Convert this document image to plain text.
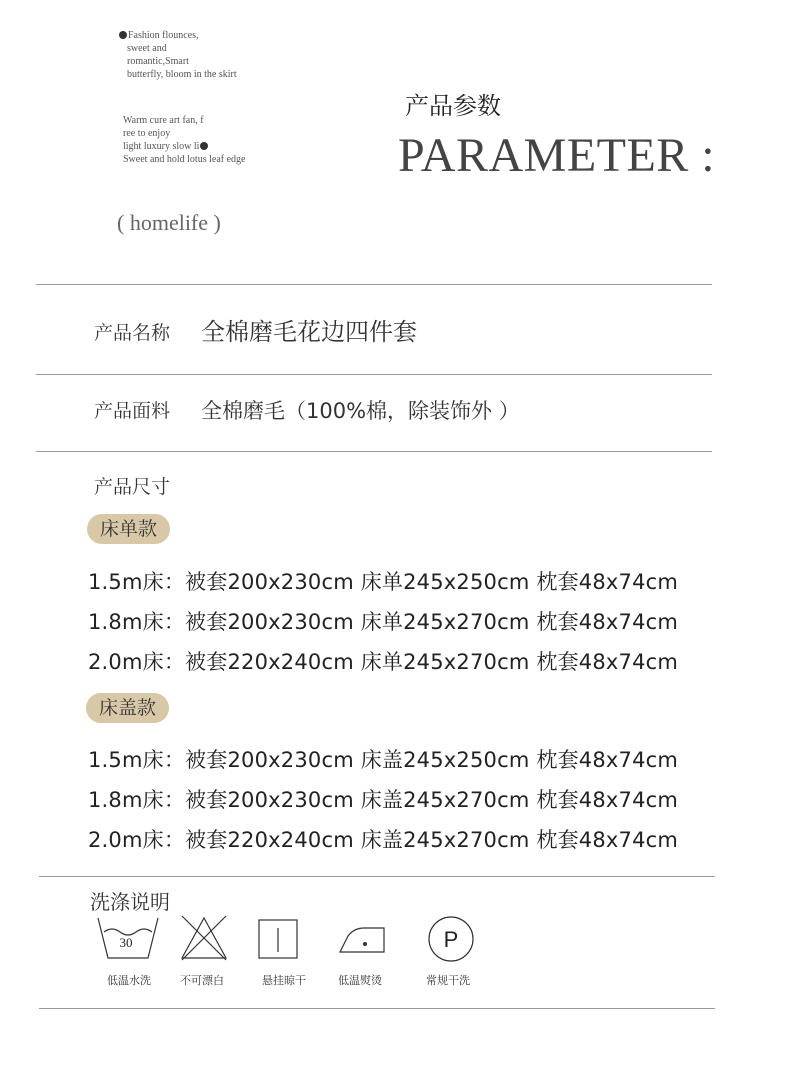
Fashion flounces,
sweet and
romantic,Smart
butterfly, bloom in the skirt
Warm cure art fan, f
ree to enjoy
light luxury slow li
Sweet and hold lotus leaf edge
( homelife )
产品参数
PARAMETER :
产品名称 全棉磨毛花边四件套
产品面料 全棉磨毛（100%棉，除装饰外 ）
产品尺寸
床单款
1.5m床：被套200x230cm 床单245x250cm 枕套48x74cm
1.8m床：被套200x230cm 床单245x270cm 枕套48x74cm
2.0m床：被套220x240cm 床单245x270cm 枕套48x74cm
床盖款
1.5m床：被套200x230cm 床盖245x250cm 枕套48x74cm
1.8m床：被套200x230cm 床盖245x270cm 枕套48x74cm
2.0m床：被套220x240cm 床盖245x270cm 枕套48x74cm
洗涤说明
30	P
低温水洗	不可漂白	悬挂晾干	低温熨烫	常规干洗
